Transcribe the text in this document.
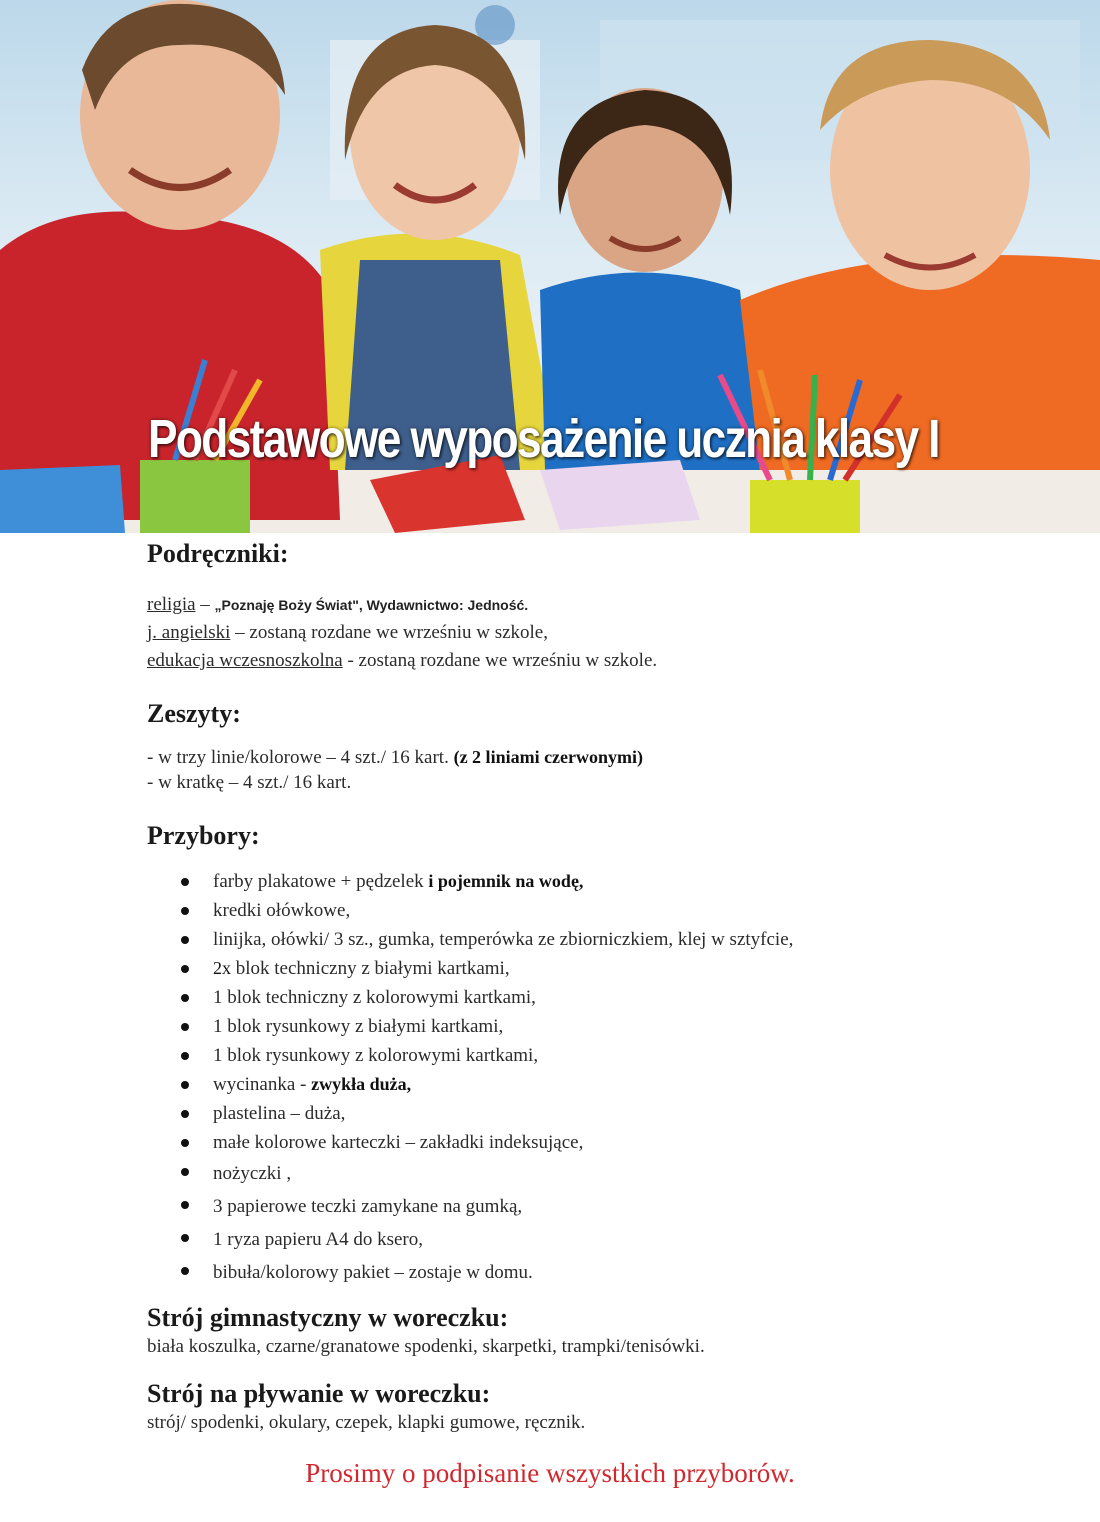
Podstawowe wyposażenie ucznia klasy I
Podręczniki:
religia – „Poznaję Boży Świat", Wydawnictwo: Jedność.
j. angielski – zostaną rozdane we wrześniu w szkole,
edukacja wczesnoszkolna - zostaną rozdane we wrześniu w szkole.
Zeszyty:
- w trzy linie/kolorowe – 4 szt./ 16 kart. (z 2 liniami czerwonymi)
- w kratkę – 4 szt./ 16 kart.
Przybory:
farby plakatowe + pędzelek i pojemnik na wodę,
kredki ołówkowe,
linijka, ołówki/ 3 sz., gumka, temperówka ze zbiorniczkiem, klej w sztyfcie,
2x blok techniczny z białymi kartkami,
1 blok techniczny z kolorowymi kartkami,
1 blok rysunkowy z białymi kartkami,
1 blok rysunkowy z kolorowymi kartkami,
wycinanka - zwykła duża,
plastelina – duża,
małe kolorowe karteczki – zakładki indeksujące,
nożyczki ,
3 papierowe teczki zamykane na gumką,
1 ryza papieru A4 do ksero,
bibuła/kolorowy pakiet – zostaje w domu.
Strój gimnastyczny w woreczku:
biała koszulka, czarne/granatowe spodenki, skarpetki, trampki/tenisówki.
Strój na pływanie w woreczku:
strój/ spodenki, okulary, czepek, klapki gumowe, ręcznik.
Prosimy o podpisanie wszystkich przyborów.
